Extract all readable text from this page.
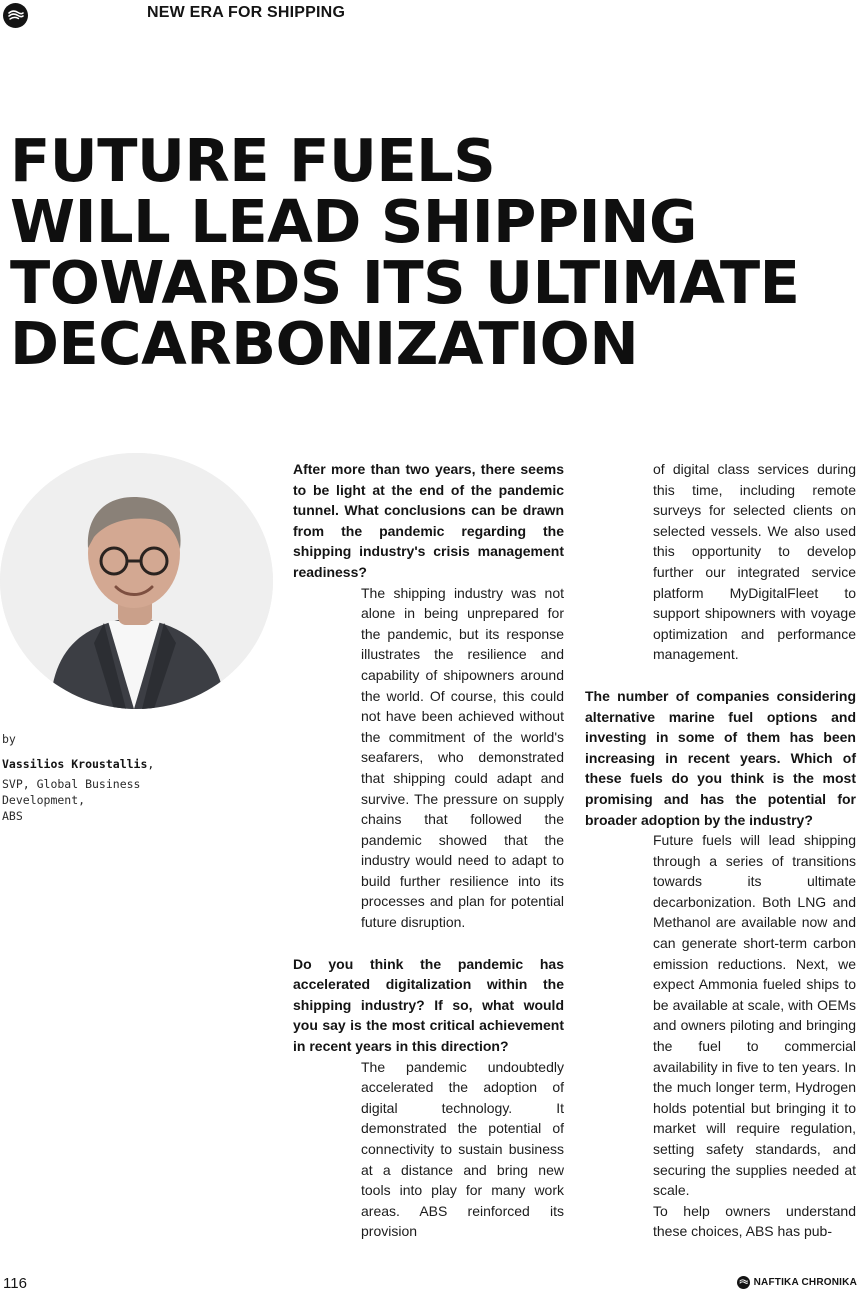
NEW ERA FOR SHIPPING

FUTURE FUELS
WILL LEAD SHIPPING
TOWARDS ITS ULTIMATE
DECARBONIZATION
by
Vassilios Kroustallis,
SVP, Global Business
Development,
ABS

After more than two years, there seems to be light at the end of the pandemic tunnel. What conclusions can be drawn from the pandemic regarding the shipping industry's crisis management readiness?

The shipping industry was not alone in being unprepared for the pandemic, but its response illustrates the resilience and capability of shipowners around the world. Of course, this could not have been achieved without the commitment of the world's seafarers, who demonstrated that shipping could adapt and survive. The pressure on supply chains that followed the pandemic showed that the industry would need to adapt to build further resilience into its processes and plan for potential future disruption.

Do you think the pandemic has accelerated digitalization within the shipping industry? If so, what would you say is the most critical achievement in recent years in this direction?

The pandemic undoubtedly accelerated the adoption of digital technology. It demonstrated the potential of connectivity to sustain business at a distance and bring new tools into play for many work areas. ABS reinforced its provision

of digital class services during this time, including remote surveys for selected clients on selected vessels. We also used this opportunity to develop further our integrated service platform MyDigitalFleet to support shipowners with voyage optimization and performance management.

The number of companies considering alternative marine fuel options and investing in some of them has been increasing in recent years. Which of these fuels do you think is the most promising and has the potential for broader adoption by the industry?

Future fuels will lead shipping through a series of transitions towards its ultimate decarbonization. Both LNG and Methanol are available now and can generate short-term carbon emission reductions. Next, we expect Ammonia fueled ships to be available at scale, with OEMs and owners piloting and bringing the fuel to commercial availability in five to ten years. In the much longer term, Hydrogen holds potential but bringing it to market will require regulation, setting safety standards, and securing the supplies needed at scale.

To help owners understand these choices, ABS has pub-

116	NAFTIKA CHRONIKA
